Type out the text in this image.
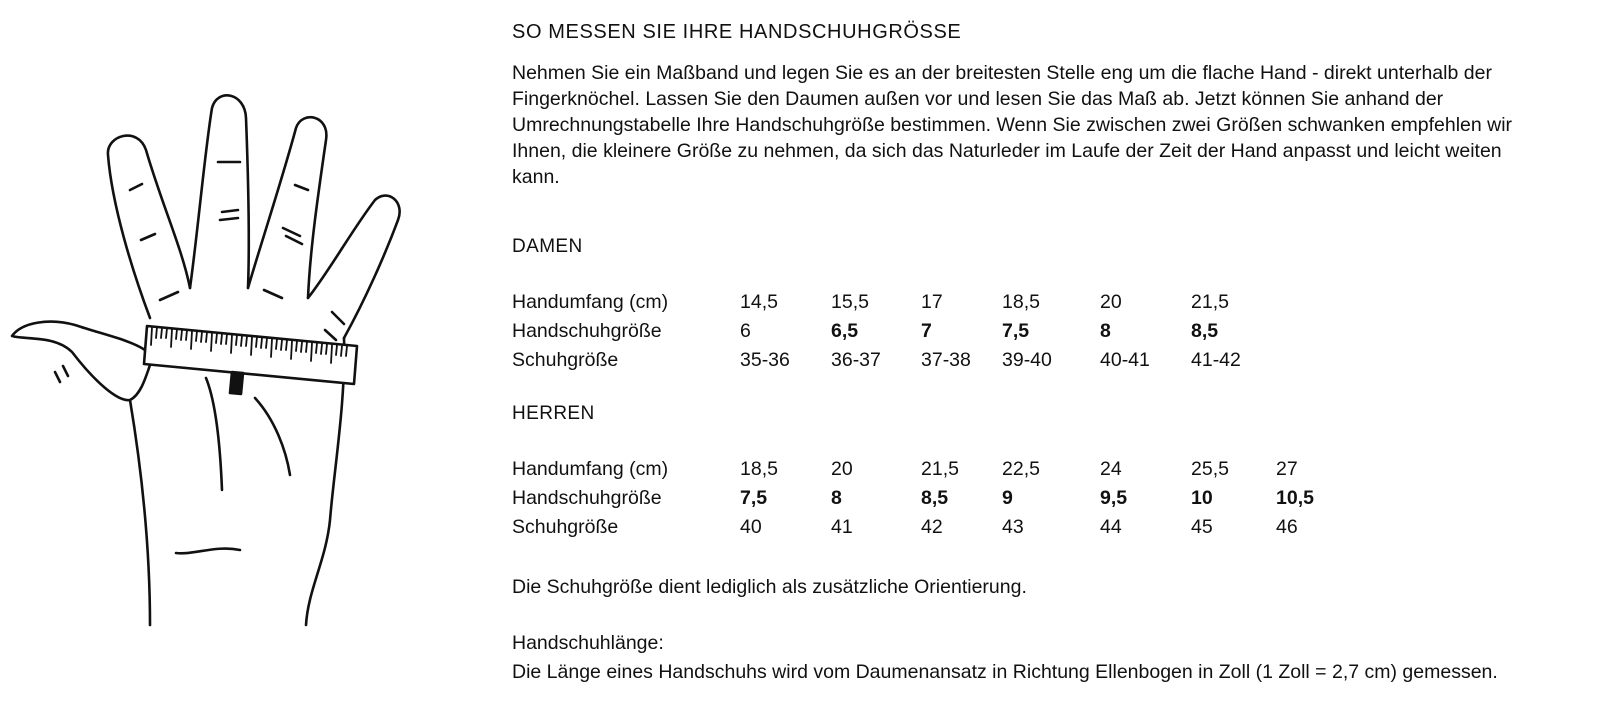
SO MESSEN SIE IHRE HANDSCHUHGRÖSSE
Nehmen Sie ein Maßband und legen Sie es an der breitesten Stelle eng um die flache Hand - direkt unterhalb der Fingerknöchel. Lassen Sie den Daumen außen vor und lesen Sie das Maß ab. Jetzt können Sie anhand der Umrechnungstabelle Ihre Handschuhgröße bestimmen. Wenn Sie zwischen zwei Größen schwanken empfehlen wir Ihnen, die kleinere Größe zu nehmen, da sich das Naturleder im Laufe der Zeit der Hand anpasst und leicht weiten kann.
DAMEN
Handumfang (cm)	14,5	15,5	17	18,5	20	21,5
Handschuhgröße	6	6,5	7	7,5	8	8,5
Schuhgröße	35-36	36-37	37-38	39-40	40-41	41-42
HERREN
Handumfang (cm)	18,5	20	21,5	22,5	24	25,5	27
Handschuhgröße	7,5	8	8,5	9	9,5	10	10,5
Schuhgröße	40	41	42	43	44	45	46
Die Schuhgröße dient lediglich als zusätzliche Orientierung.
Handschuhlänge:
Die Länge eines Handschuhs wird vom Daumenansatz in Richtung Ellenbogen in Zoll (1 Zoll = 2,7 cm) gemessen.
